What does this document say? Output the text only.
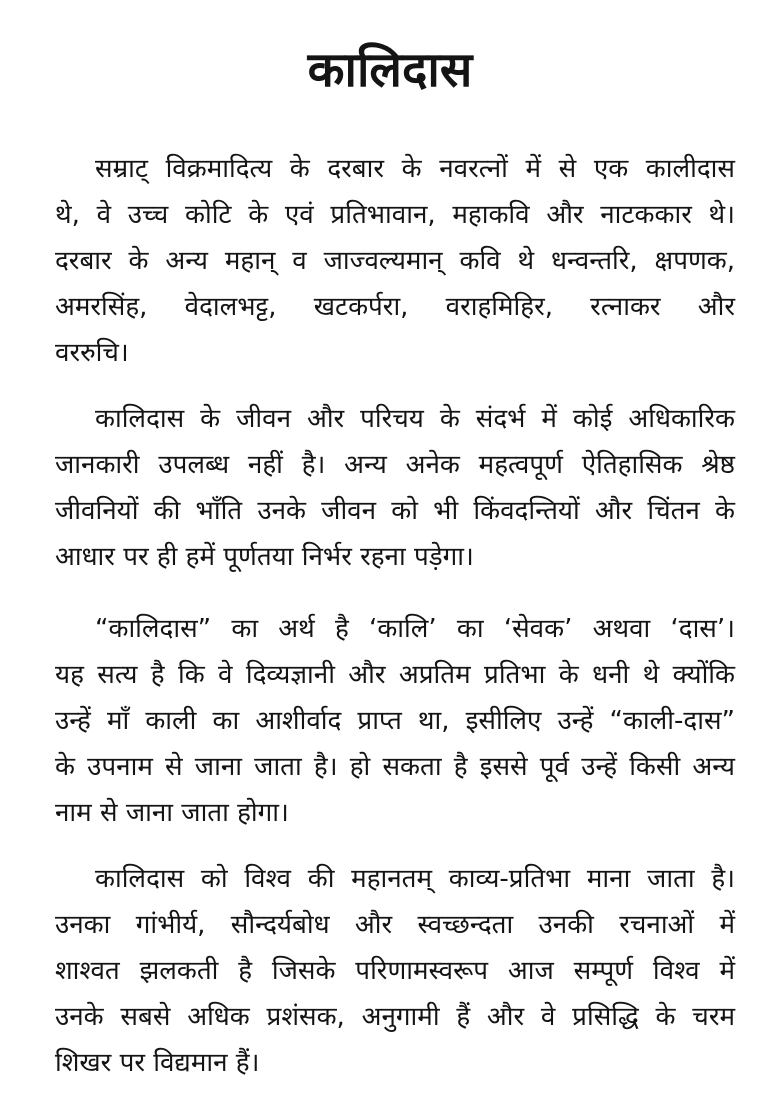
कालिदास
सम्राट् विक्रमादित्य के दरबार के नवरत्नों में से एक कालीदास
थे, वे उच्च कोटि के एवं प्रतिभावान, महाकवि और नाटककार थे।
दरबार के अन्य महान् व जाज्वल्यमान् कवि थे धन्वन्तरि, क्षपणक,
अमरसिंह, वेदालभट्ट, खटकर्परा, वराहमिहिर, रत्नाकर और
वररुचि।
कालिदास के जीवन और परिचय के संदर्भ में कोई अधिकारिक
जानकारी उपलब्ध नहीं है। अन्य अनेक महत्वपूर्ण ऐतिहासिक श्रेष्ठ
जीवनियों की भाँति उनके जीवन को भी किंवदन्तियों और चिंतन के
आधार पर ही हमें पूर्णतया निर्भर रहना पड़ेगा।
“कालिदास” का अर्थ है ‘कालि’ का ‘सेवक’ अथवा ‘दास’।
यह सत्य है कि वे दिव्यज्ञानी और अप्रतिम प्रतिभा के धनी थे क्योंकि
उन्हें माँ काली का आशीर्वाद प्राप्त था, इसीलिए उन्हें “काली-दास”
के उपनाम से जाना जाता है। हो सकता है इससे पूर्व उन्हें किसी अन्य
नाम से जाना जाता होगा।
कालिदास को विश्व की महानतम् काव्य-प्रतिभा माना जाता है।
उनका गांभीर्य, सौन्दर्यबोध और स्वच्छन्दता उनकी रचनाओं में
शाश्वत झलकती है जिसके परिणामस्वरूप आज सम्पूर्ण विश्व में
उनके सबसे अधिक प्रशंसक, अनुगामी हैं और वे प्रसिद्धि के चरम
शिखर पर विद्यमान हैं।
